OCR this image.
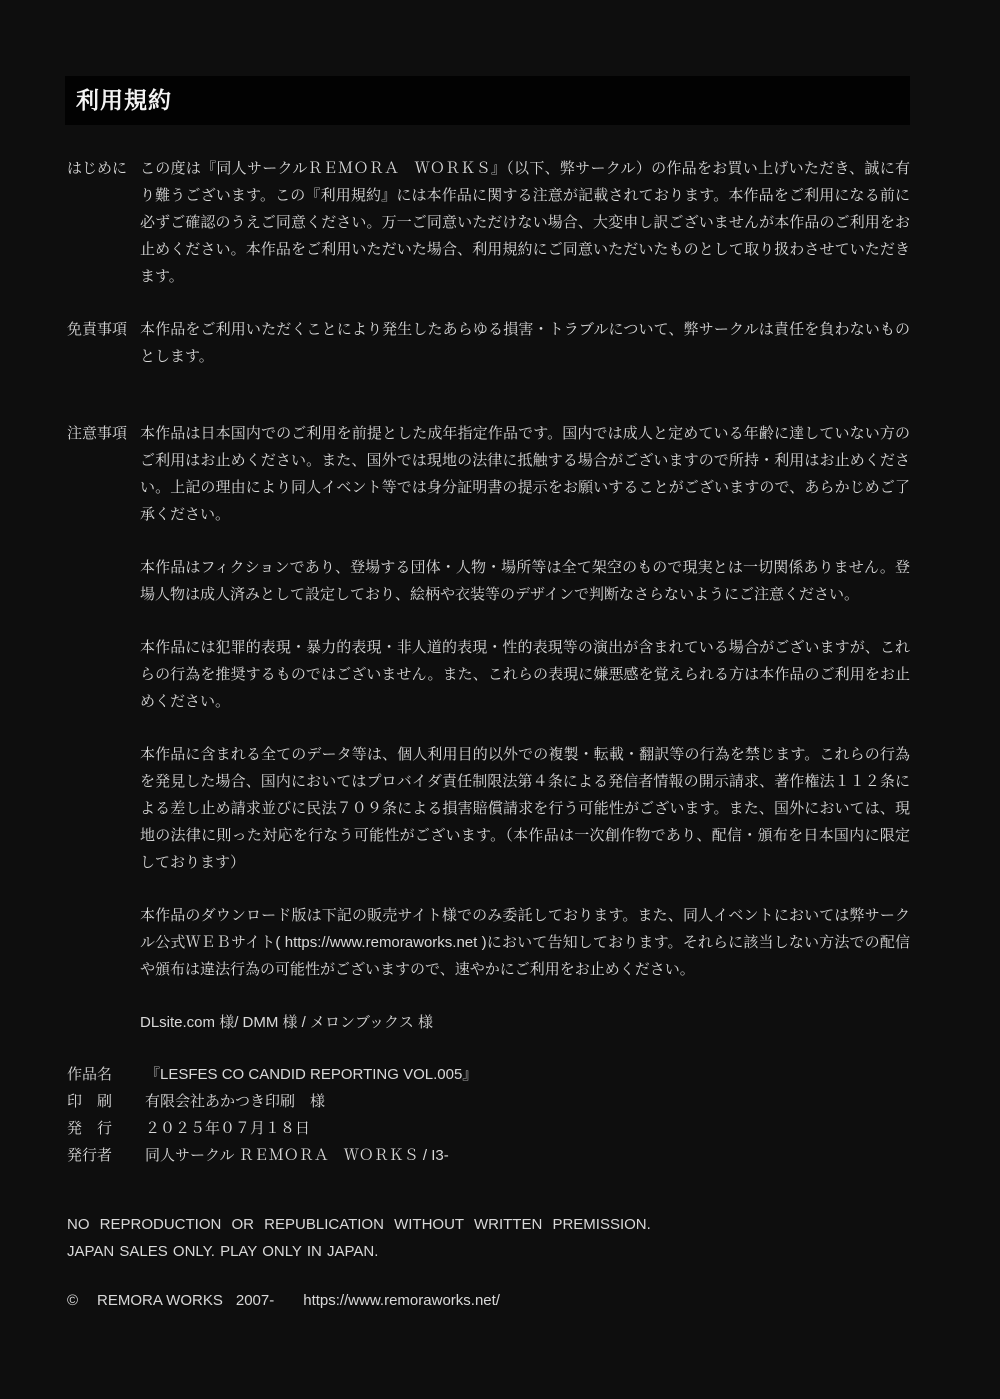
利用規約
はじめに この度は『同人サークルＲＥＭＯＲＡ　ＷＯＲＫＳ』（以下、弊サークル）の作品をお買い上げいただき、誠に有り難うございます。この『利用規約』には本作品に関する注意が記載されております。本作品をご利用になる前に必ずご確認のうえご同意ください。万一ご同意いただけない場合、大変申し訳ございませんが本作品のご利用をお止めください。本作品をご利用いただいた場合、利用規約にご同意いただいたものとして取り扱わさせていただきます。

免責事項 本作品をご利用いただくことにより発生したあらゆる損害・トラブルについて、弊サークルは責任を負わないものとします。

注意事項 本作品は日本国内でのご利用を前提とした成年指定作品です。国内では成人と定めている年齢に達していない方のご利用はお止めください。また、国外では現地の法律に抵触する場合がございますので所持・利用はお止めください。上記の理由により同人イベント等では身分証明書の提示をお願いすることがございますので、あらかじめご了承ください。

本作品はフィクションであり、登場する団体・人物・場所等は全て架空のもので現実とは一切関係ありません。登場人物は成人済みとして設定しており、絵柄や衣装等のデザインで判断なさらないようにご注意ください。

本作品には犯罪的表現・暴力的表現・非人道的表現・性的表現等の演出が含まれている場合がございますが、これらの行為を推奨するものではございません。また、これらの表現に嫌悪感を覚えられる方は本作品のご利用をお止めください。

本作品に含まれる全てのデータ等は、個人利用目的以外での複製・転載・翻訳等の行為を禁じます。これらの行為を発見した場合、国内においてはプロバイダ責任制限法第４条による発信者情報の開示請求、著作権法１１２条による差し止め請求並びに民法７０９条による損害賠償請求を行う可能性がございます。また、国外においては、現地の法律に則った対応を行なう可能性がございます。（本作品は一次創作物であり、配信・頒布を日本国内に限定しております）

本作品のダウンロード版は下記の販売サイト様でのみ委託しております。また、同人イベントにおいては弊サークル公式ＷＥＢサイト( https://www.remoraworks.net )において告知しております。それらに該当しない方法での配信や頒布は違法行為の可能性がございますので、速やかにご利用をお止めください。

DLsite.com 様/ DMM 様 / メロンブックス 様

作品名	『LESFES CO CANDID REPORTING VOL.005』
印　刷	有限会社あかつき印刷　様
発　行	２０２５年０７月１８日
発行者	同人サークル ＲＥＭＯＲＡ　ＷＯＲＫＳ / I3-
NO REPRODUCTION OR REPUBLICATION WITHOUT WRITTEN PREMISSION.
JAPAN SALES ONLY. PLAY ONLY IN JAPAN.
©	REMORA WORKS 2007- https://www.remoraworks.net/
